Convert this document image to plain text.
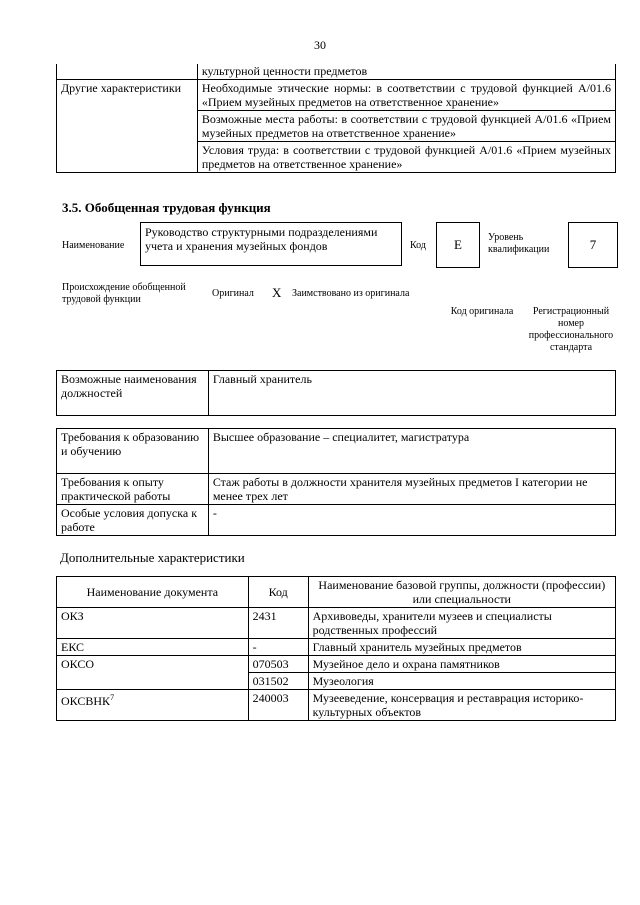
30
	культурной ценности предметов
Другие характеристики	Необходимые этические нормы: в соответствии с трудовой функцией А/01.6 «Прием музейных предметов на ответственное хранение»
	Возможные места работы: в соответствии с трудовой функцией А/01.6 «Прием музейных предметов на ответственное хранение»
	Условия труда: в соответствии с трудовой функцией А/01.6 «Прием музейных предметов на ответственное хранение»
3.5. Обобщенная трудовая функция
Наименование
Руководство структурными подразделениями учета и хранения музейных фондов	Код	E	Уровень квалификации	7
Происхождение обобщенной трудовой функции
Оригинал X Заимствовано из оригинала
Код оригинала	Регистрационный номер профессионального стандарта
Возможные наименования должностей	Главный хранитель
Требования к образованию и обучению	Высшее образование – специалитет, магистратура
Требования к опыту практической работы	Стаж работы в должности хранителя музейных предметов I категории не менее трех лет
Особые условия допуска к работе	-
Дополнительные характеристики
Наименование документа	Код	Наименование базовой группы, должности (профессии) или специальности
ОКЗ	2431	Архивоведы, хранители музеев и специалисты родственных профессий
ЕКС	-	Главный хранитель музейных предметов
ОКСО	070503	Музейное дело и охрана памятников
	031502	Музеология
ОКСВНК$^7$	240003	Музееведение, консервация и реставрация историко-культурных объектов
